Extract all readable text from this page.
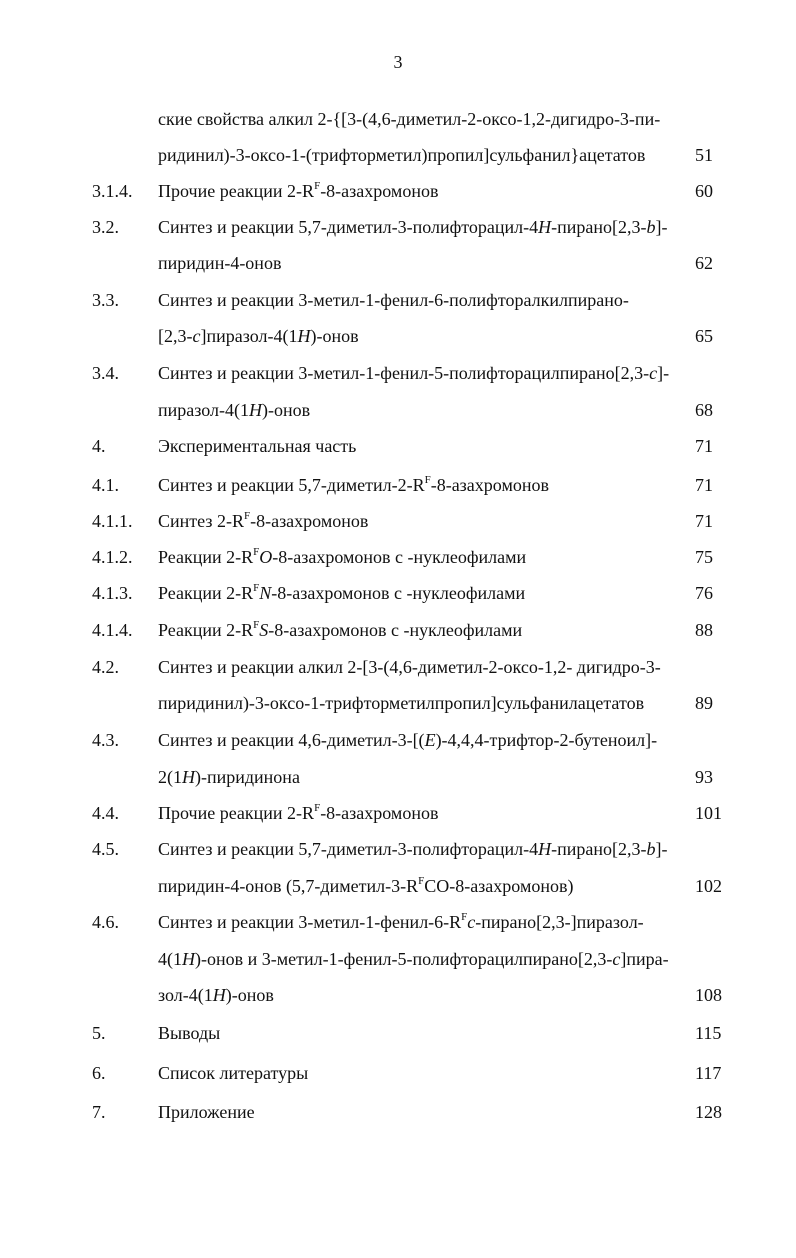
3
ские свойства алкил 2-{[3-(4,6-диметил-2-оксо-1,2-дигидро-3-пи-
ридинил)-3-оксо-1-(трифторметил)пропил]сульфанил}ацетатов	51
3.1.4. Прочие реакции $2-R^F-8$-азахромонов	60
3.2. Синтез и реакции 5,7-диметил-3-полифторацил-4H-пирано[2,3-b]-
пиридин-4-онов	62
3.3. Синтез и реакции 3-метил-1-фенил-6-полифторалкилпирано-
[2,3-c]пиразол-4(1H)-онов	65
3.4. Синтез и реакции 3-метил-1-фенил-5-полифторацилпирано[2,3-c]-
пиразол-4(1H)-онов	68
4.	Экспериментальная часть	71
4.1. Синтез и реакции $5,7-диметил-2-R^F-8$-азахромонов	71
4.1.1. Синтез $2-R^F-8$-азахромонов	71
4.1.2. Реакции $2-R^FO-8$-азахромонов с -нуклеофилами	75
4.1.3. Реакции $2-R^FN-8$-азахромонов с -нуклеофилами	76
4.1.4. Реакции $2-R^FS-8$-азахромонов с -нуклеофилами	88
4.2. Синтез и реакции алкил 2-[3-(4,6-диметил-2-оксо-1,2- дигидро-3-
пиридинил)-3-оксо-1-трифторметилпропил]сульфанилацетатов	89
4.3. Синтез и реакции 4,6-диметил-3-[(E)-4,4,4-трифтор-2-бутеноил]-
2(1H)-пиридинона	93
4.4. Прочие реакции $2-R^F-8$-азахромонов	101
4.5. Синтез и реакции 5,7-диметил-3-полифторацил-4H-пирано[2,3-b]-
пиридин-4-онов $(5,7-диметил-3-R^FCO-8-азахромонов)$	102
4.6. Синтез и реакции $3-метил-1-фенил-6-R^Fc-пирано[2,3-]пиразол-$
4(1H)-онов и 3-метил-1-фенил-5-полифторацилпирано[2,3-c]пира-
зол-4(1H)-онов	108
5.	Выводы	115
6.	Список литературы	117
7.	Приложение	128
